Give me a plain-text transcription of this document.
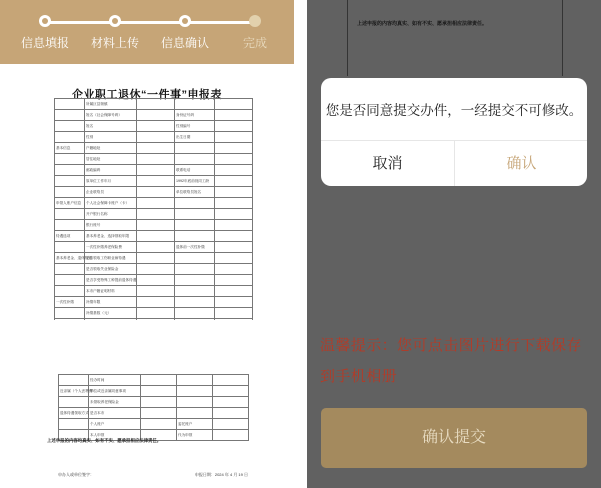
信息填报 材料上传 信息确认	完成
企业职工退休“一件事”申报表
	所属区县街镇			
	姓名（社会保障号码）		身份证号码	
	姓名		性别编号	
	性别		出生日期	
基本信息	户籍地址			
	居住地址			
	邮政编码		联系电话	
	原单位工作年月		1992年底前视同工龄	
	企业联络员		单位联络员姓名	
申领人账户信息	个人社会保障卡账户（卡）			
	开户银行名称			
	银行账号			
待遇选项	基本养老金、选择领取年限			
	一次性补缴养老保险费		退休前一次性补缴	
基本养老金、退休待遇	是否领取工伤职业病待遇			
	是否领取失业保险金			
	是否享受特殊工种提前退休待遇			
	本市户籍证明材料			
一次性补缴	补缴年限			
	补缴基数（元）			

	经办时间			
近亲属（个人丧葬费）	单位或近亲属同意事项			
	未领取养老保险金			
退休待遇领取方式	是否本市			
	个人账户		委托账户	
	本人申领		代为申领	
上述申报的内容均真实、如有不实、愿承担相应法律责任。
申办人或单位签字：	申报日期：2024 年 4 月 19 日
温馨提示：您可点击图片进行下载保存到手机相册
确认提交
您是否同意提交办件，一经提交不可修改。
取消	确认
